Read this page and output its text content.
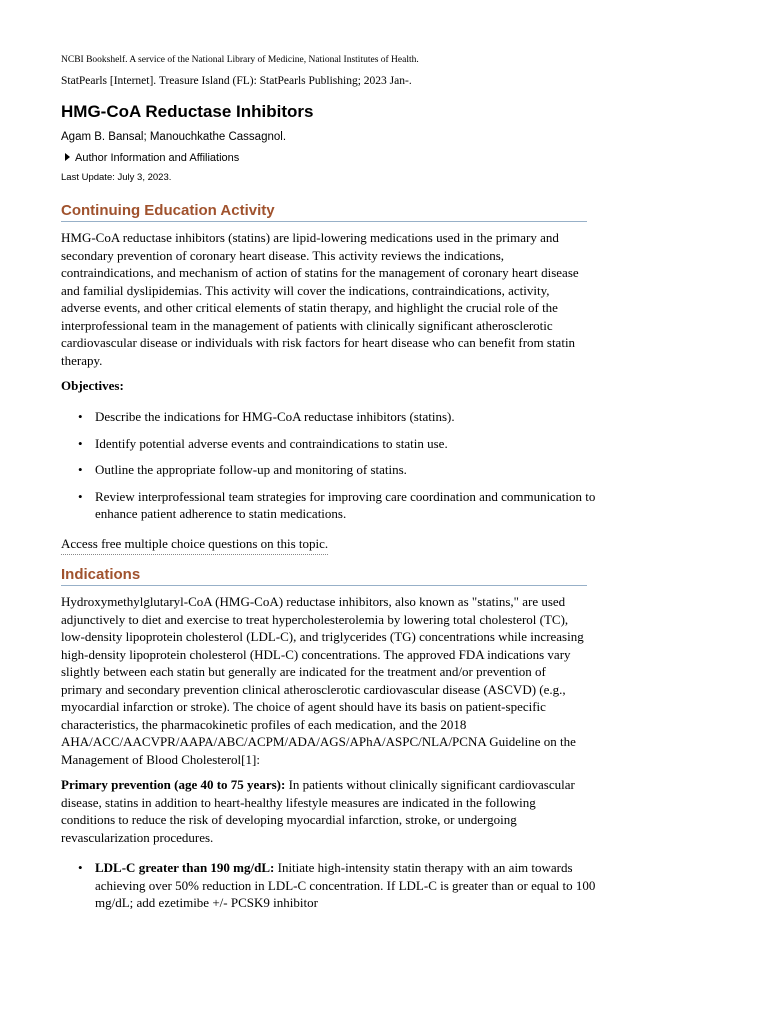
NCBI Bookshelf. A service of the National Library of Medicine, National Institutes of Health.
StatPearls [Internet]. Treasure Island (FL): StatPearls Publishing; 2023 Jan-.
HMG-CoA Reductase Inhibitors
Agam B. Bansal; Manouchkathe Cassagnol.
Author Information and Affiliations
Last Update: July 3, 2023.
Continuing Education Activity

HMG-CoA reductase inhibitors (statins) are lipid-lowering medications used in the primary and secondary prevention of coronary heart disease. This activity reviews the indications, contraindications, and mechanism of action of statins for the management of coronary heart disease and familial dyslipidemias. This activity will cover the indications, contraindications, activity, adverse events, and other critical elements of statin therapy, and highlight the crucial role of the interprofessional team in the management of patients with clinically significant atherosclerotic cardiovascular disease or individuals with risk factors for heart disease who can benefit from statin therapy.

Objectives:

• Describe the indications for HMG-CoA reductase inhibitors (statins).
• Identify potential adverse events and contraindications to statin use.
• Outline the appropriate follow-up and monitoring of statins.
• Review interprofessional team strategies for improving care coordination and communication to enhance patient adherence to statin medications.
Access free multiple choice questions on this topic.
Indications

Hydroxymethylglutaryl-CoA (HMG-CoA) reductase inhibitors, also known as "statins," are used adjunctively to diet and exercise to treat hypercholesterolemia by lowering total cholesterol (TC), low-density lipoprotein cholesterol (LDL-C), and triglycerides (TG) concentrations while increasing high-density lipoprotein cholesterol (HDL-C) concentrations. The approved FDA indications vary slightly between each statin but generally are indicated for the treatment and/or prevention of primary and secondary prevention clinical atherosclerotic cardiovascular disease (ASCVD) (e.g., myocardial infarction or stroke). The choice of agent should have its basis on patient-specific characteristics, the pharmacokinetic profiles of each medication, and the 2018 AHA/ACC/AACVPR/AAPA/ABC/ACPM/ADA/AGS/APhA/ASPC/NLA/PCNA Guideline on the Management of Blood Cholesterol[1]:

Primary prevention (age 40 to 75 years): In patients without clinically significant cardiovascular disease, statins in addition to heart-healthy lifestyle measures are indicated in the following conditions to reduce the risk of developing myocardial infarction, stroke, or undergoing revascularization procedures.

• LDL-C greater than 190 mg/dL: Initiate high-intensity statin therapy with an aim towards achieving over 50% reduction in LDL-C concentration. If LDL-C is greater than or equal to 100 mg/dL; add ezetimibe +/- PCSK9 inhibitor
